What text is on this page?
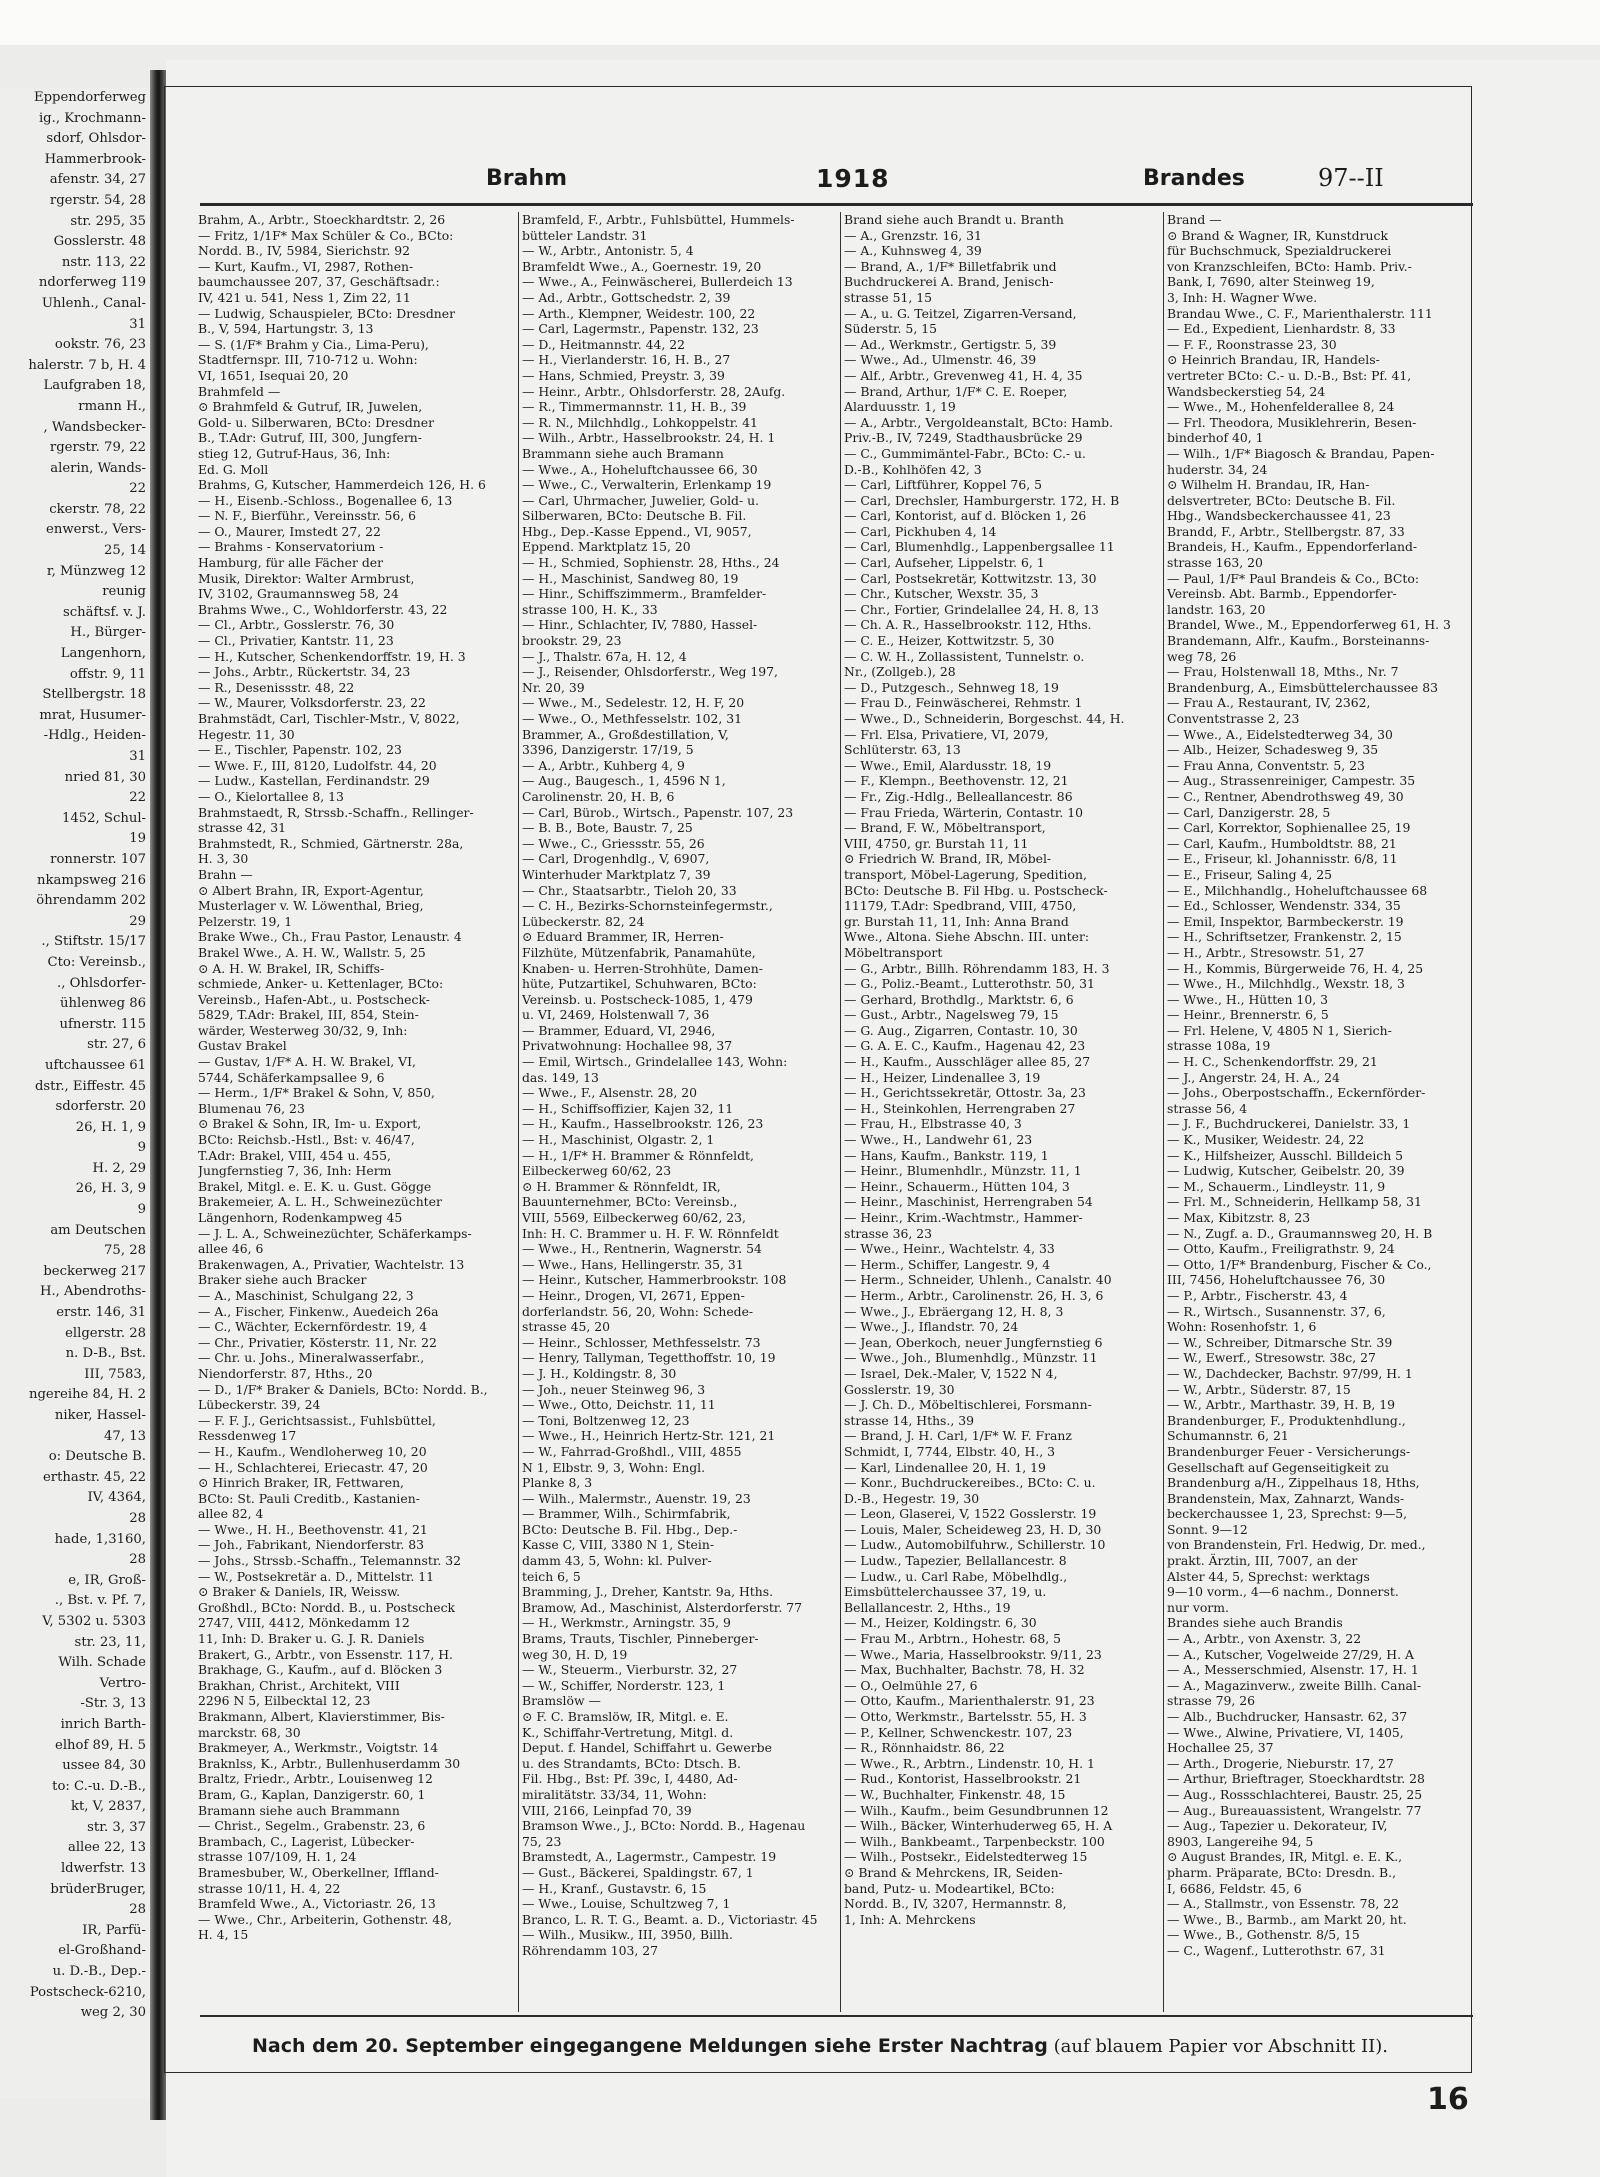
Eppendorferweg
ig., Krochmann-
sdorf, Ohlsdor-
Hammerbrook-
afenstr. 34, 27
rgerstr. 54, 28
str. 295, 35
Gosslerstr. 48
nstr. 113, 22
ndorferweg 119
Uhlenh., Canal-
31
ookstr. 76, 23
halerstr. 7 b, H. 4
Laufgraben 18,
rmann H.,
, Wandsbecker-
rgerstr. 79, 22
alerin, Wands-
22
ckerstr. 78, 22
enwerst., Vers-
25, 14
r, Münzweg 12
reunig
schäftsf. v. J.
H., Bürger-
Langenhorn,
offstr. 9, 11
Stellbergstr. 18
mrat, Husumer-
-Hdlg., Heiden-
31
nried 81, 30
22
1452, Schul-
19
ronnerstr. 107
nkampsweg 216
öhrendamm 202
29
., Stiftstr. 15/17
Cto: Vereinsb.,
., Ohlsdorfer-
ühlenweg 86
ufnerstr. 115
str. 27, 6
uftchaussee 61
dstr., Eiffestr. 45
sdorferstr. 20
26, H. 1, 9
9
H. 2, 29
26, H. 3, 9
9
am Deutschen
75, 28
beckerweg 217
H., Abendroths-
erstr. 146, 31
ellgerstr. 28
n. D-B., Bst.
III, 7583,
ngereihe 84, H. 2
niker, Hassel-
47, 13
o: Deutsche B.
erthastr. 45, 22
IV, 4364,
28
hade, 1,3160,
28
e, IR, Groß-
., Bst. v. Pf. 7,
V, 5302 u. 5303
str. 23, 11,
Wilh. Schade
Vertro-
-Str. 3, 13
inrich Barth-
elhof 89, H. 5
ussee 84, 30
to: C.-u. D.-B.,
kt, V, 2837,
str. 3, 37
allee 22, 13
ldwerfstr. 13
brüderBruger,
28
IR, Parfü-
el-Großhand-
u. D.-B., Dep.-
Postscheck-6210,
weg 2, 30
Brahm	1918	Brandes	97--II
Brahm, A., Arbtr., Stoeckhardtstr. 2, 26
— Fritz, 1/1F* Max Schüler & Co., BCto:
Nordd. B., IV, 5984, Sierichstr. 92
— Kurt, Kaufm., VI, 2987, Rothen-
baumchaussee 207, 37, Geschäftsadr.:
IV, 421 u. 541, Ness 1, Zim 22, 11
— Ludwig, Schauspieler, BCto: Dresdner
B., V, 594, Hartungstr. 3, 13
— S. (1/F* Brahm y Cia., Lima-Peru),
Stadtfernspr. III, 710-712 u. Wohn:
VI, 1651, Isequai 20, 20
Brahmfeld —
⊙ Brahmfeld & Gutruf, IR, Juwelen,
Gold- u. Silberwaren, BCto: Dresdner
B., T.Adr: Gutruf, III, 300, Jungfern-
stieg 12, Gutruf-Haus, 36, Inh:
Ed. G. Moll
Brahms, G, Kutscher, Hammerdeich 126, H. 6
— H., Eisenb.-Schloss., Bogenallee 6, 13
— N. F., Bierführ., Vereinsstr. 56, 6
— O., Maurer, Imstedt 27, 22
— Brahms - Konservatorium -
Hamburg, für alle Fächer der
Musik, Direktor: Walter Armbrust,
IV, 3102, Graumannsweg 58, 24
Brahms Wwe., C., Wohldorferstr. 43, 22
— Cl., Arbtr., Gosslerstr. 76, 30
— Cl., Privatier, Kantstr. 11, 23
— H., Kutscher, Schenkendorffstr. 19, H. 3
— Johs., Arbtr., Rückertstr. 34, 23
— R., Desenissstr. 48, 22
— W., Maurer, Volksdorferstr. 23, 22
Brahmstädt, Carl, Tischler-Mstr., V, 8022,
Hegestr. 11, 30
— E., Tischler, Papenstr. 102, 23
— Wwe. F., III, 8120, Ludolfstr. 44, 20
— Ludw., Kastellan, Ferdinandstr. 29
— O., Kielortallee 8, 13
Brahmstaedt, R, Strssb.-Schaffn., Rellinger-
strasse 42, 31
Brahmstedt, R., Schmied, Gärtnerstr. 28a,
H. 3, 30
Brahn —
⊙ Albert Brahn, IR, Export-Agentur,
Musterlager v. W. Löwenthal, Brieg,
Pelzerstr. 19, 1
Brake Wwe., Ch., Frau Pastor, Lenaustr. 4
Brakel Wwe., A. H. W., Wallstr. 5, 25
⊙ A. H. W. Brakel, IR, Schiffs-
schmiede, Anker- u. Kettenlager, BCto:
Vereinsb., Hafen-Abt., u. Postscheck-
5829, T.Adr: Brakel, III, 854, Stein-
wärder, Westerweg 30/32, 9, Inh:
Gustav Brakel
— Gustav, 1/F* A. H. W. Brakel, VI,
5744, Schäferkampsallee 9, 6
— Herm., 1/F* Brakel & Sohn, V, 850,
Blumenau 76, 23
⊙ Brakel & Sohn, IR, Im- u. Export,
BCto: Reichsb.-Hstl., Bst: v. 46/47,
T.Adr: Brakel, VIII, 454 u. 455,
Jungfernstieg 7, 36, Inh: Herm
Brakel, Mitgl. e. E. K. u. Gust. Gögge
Brakemeier, A. L. H., Schweinezüchter
Längenhorn, Rodenkampweg 45
— J. L. A., Schweinezüchter, Schäferkamps-
allee 46, 6
Brakenwagen, A., Privatier, Wachtelstr. 13
Braker siehe auch Bracker
— A., Maschinist, Schulgang 22, 3
— A., Fischer, Finkenw., Auedeich 26a
— C., Wächter, Eckernfördestr. 19, 4
— Chr., Privatier, Kösterstr. 11, Nr. 22
— Chr. u. Johs., Mineralwasserfabr.,
Niendorferstr. 87, Hths., 20
— D., 1/F* Braker & Daniels, BCto: Nordd. B.,
Lübeckerstr. 39, 24
— F. F. J., Gerichtsassist., Fuhlsbüttel,
Ressdenweg 17
— H., Kaufm., Wendloherweg 10, 20
— H., Schlachterei, Eriecastr. 47, 20
⊙ Hinrich Braker, IR, Fettwaren,
BCto: St. Pauli Creditb., Kastanien-
allee 82, 4
— Wwe., H. H., Beethovenstr. 41, 21
— Joh., Fabrikant, Niendorferstr. 83
— Johs., Strssb.-Schaffn., Telemannstr. 32
— W., Postsekretär a. D., Mittelstr. 11
⊙ Braker & Daniels, IR, Weissw.
Großhdl., BCto: Nordd. B., u. Postscheck
2747, VIII, 4412, Mönkedamm 12
11, Inh: D. Braker u. G. J. R. Daniels
Brakert, G., Arbtr., von Essenstr. 117, H.
Brakhage, G., Kaufm., auf d. Blöcken 3
Brakhan, Christ., Architekt, VIII
2296 N 5, Eilbecktal 12, 23
Brakmann, Albert, Klavierstimmer, Bis-
marckstr. 68, 30
Brakmeyer, A., Werkmstr., Voigtstr. 14
Braknlss, K., Arbtr., Bullenhuserdamm 30
Braltz, Friedr., Arbtr., Louisenweg 12
Bram, G., Kaplan, Danzigerstr. 60, 1
Bramann siehe auch Brammann
— Christ., Segelm., Grabenstr. 23, 6
Brambach, C., Lagerist, Lübecker-
strasse 107/109, H. 1, 24
Bramesbuber, W., Oberkellner, Iffland-
strasse 10/11, H. 4, 22
Bramfeld Wwe., A., Victoriastr. 26, 13
— Wwe., Chr., Arbeiterin, Gothenstr. 48,
H. 4, 15
Bramfeld, F., Arbtr., Fuhlsbüttel, Hummels-
bütteler Landstr. 31
— W., Arbtr., Antonistr. 5, 4
Bramfeldt Wwe., A., Goernestr. 19, 20
— Wwe., A., Feinwäscherei, Bullerdeich 13
— Ad., Arbtr., Gottschedstr. 2, 39
— Arth., Klempner, Weidestr. 100, 22
— Carl, Lagermstr., Papenstr. 132, 23
— D., Heitmannstr. 44, 22
— H., Vierlanderstr. 16, H. B., 27
— Hans, Schmied, Preystr. 3, 39
— Heinr., Arbtr., Ohlsdorferstr. 28, 2Aufg.
— R., Timmermannstr. 11, H. B., 39
— R. N., Milchhdlg., Lohkoppelstr. 41
— Wilh., Arbtr., Hasselbrookstr. 24, H. 1
Brammann siehe auch Bramann
— Wwe., A., Hoheluftchaussee 66, 30
— Wwe., C., Verwalterin, Erlenkamp 19
— Carl, Uhrmacher, Juwelier, Gold- u.
Silberwaren, BCto: Deutsche B. Fil.
Hbg., Dep.-Kasse Eppend., VI, 9057,
Eppend. Marktplatz 15, 20
— H., Schmied, Sophienstr. 28, Hths., 24
— H., Maschinist, Sandweg 80, 19
— Hinr., Schiffszimmerm., Bramfelder-
strasse 100, H. K., 33
— Hinr., Schlachter, IV, 7880, Hassel-
brookstr. 29, 23
— J., Thalstr. 67a, H. 12, 4
— J., Reisender, Ohlsdorferstr., Weg 197,
Nr. 20, 39
— Wwe., M., Sedelestr. 12, H. F, 20
— Wwe., O., Methfesselstr. 102, 31
Brammer, A., Großdestillation, V,
3396, Danzigerstr. 17/19, 5
— A., Arbtr., Kuhberg 4, 9
— Aug., Baugesch., 1, 4596 N 1,
Carolinenstr. 20, H. B, 6
— Carl, Bürob., Wirtsch., Papenstr. 107, 23
— B. B., Bote, Baustr. 7, 25
— Wwe., C., Griessstr. 55, 26
— Carl, Drogenhdlg., V, 6907,
Winterhuder Marktplatz 7, 39
— Chr., Staatsarbtr., Tieloh 20, 33
— C. H., Bezirks-Schornsteinfegermstr.,
Lübeckerstr. 82, 24
⊙ Eduard Brammer, IR, Herren-
Filzhüte, Mützenfabrik, Panamahüte,
Knaben- u. Herren-Strohhüte, Damen-
hüte, Putzartikel, Schuhwaren, BCto:
Vereinsb. u. Postscheck-1085, 1, 479
u. VI, 2469, Holstenwall 7, 36
— Brammer, Eduard, VI, 2946,
Privatwohnung: Hochallee 98, 37
— Emil, Wirtsch., Grindelallee 143, Wohn:
das. 149, 13
— Wwe., F., Alsenstr. 28, 20
— H., Schiffsoffizier, Kajen 32, 11
— H., Kaufm., Hasselbrookstr. 126, 23
— H., Maschinist, Olgastr. 2, 1
— H., 1/F* H. Brammer & Rönnfeldt,
Eilbeckerweg 60/62, 23
⊙ H. Brammer & Rönnfeldt, IR,
Bauunternehmer, BCto: Vereinsb.,
VIII, 5569, Eilbeckerweg 60/62, 23,
Inh: H. C. Brammer u. H. F. W. Rönnfeldt
— Wwe., H., Rentnerin, Wagnerstr. 54
— Wwe., Hans, Hellingerstr. 35, 31
— Heinr., Kutscher, Hammerbrookstr. 108
— Heinr., Drogen, VI, 2671, Eppen-
dorferlandstr. 56, 20, Wohn: Schede-
strasse 45, 20
— Heinr., Schlosser, Methfesselstr. 73
— Henry, Tallyman, Tegetthoffstr. 10, 19
— J. H., Koldingstr. 8, 30
— Joh., neuer Steinweg 96, 3
— Wwe., Otto, Deichstr. 11, 11
— Toni, Boltzenweg 12, 23
— Wwe., H., Heinrich Hertz-Str. 121, 21
— W., Fahrrad-Großhdl., VIII, 4855
N 1, Elbstr. 9, 3, Wohn: Engl.
Planke 8, 3
— Wilh., Malermstr., Auenstr. 19, 23
— Brammer, Wilh., Schirmfabrik,
BCto: Deutsche B. Fil. Hbg., Dep.-
Kasse C, VIII, 3380 N 1, Stein-
damm 43, 5, Wohn: kl. Pulver-
teich 6, 5
Bramming, J., Dreher, Kantstr. 9a, Hths.
Bramow, Ad., Maschinist, Alsterdorferstr. 77
— H., Werkmstr., Arningstr. 35, 9
Brams, Trauts, Tischler, Pinneberger-
weg 30, H. D, 19
— W., Steuerm., Vierburstr. 32, 27
— W., Schiffer, Norderstr. 123, 1
Bramslöw —
⊙ F. C. Bramslöw, IR, Mitgl. e. E.
K., Schiffahr-Vertretung, Mitgl. d.
Deput. f. Handel, Schiffahrt u. Gewerbe
u. des Strandamts, BCto: Dtsch. B.
Fil. Hbg., Bst: Pf. 39c, I, 4480, Ad-
miralitätstr. 33/34, 11, Wohn:
VIII, 2166, Leinpfad 70, 39
Bramson Wwe., J., BCto: Nordd. B., Hagenau
75, 23
Bramstedt, A., Lagermstr., Campestr. 19
— Gust., Bäckerei, Spaldingstr. 67, 1
— H., Kranf., Gustavstr. 6, 15
— Wwe., Louise, Schultzweg 7, 1
Branco, L. R. T. G., Beamt. a. D., Victoriastr. 45
— Wilh., Musikw., III, 3950, Billh.
Röhrendamm 103, 27
Brand siehe auch Brandt u. Branth
— A., Grenzstr. 16, 31
— A., Kuhnsweg 4, 39
— Brand, A., 1/F* Billetfabrik und
Buchdruckerei A. Brand, Jenisch-
strasse 51, 15
— A., u. G. Teitzel, Zigarren-Versand,
Süderstr. 5, 15
— Ad., Werkmstr., Gertigstr. 5, 39
— Wwe., Ad., Ulmenstr. 46, 39
— Alf., Arbtr., Grevenweg 41, H. 4, 35
— Brand, Arthur, 1/F* C. E. Roeper,
Alarduusstr. 1, 19
— A., Arbtr., Vergoldeanstalt, BCto: Hamb.
Priv.-B., IV, 7249, Stadthausbrücke 29
— C., Gummimäntel-Fabr., BCto: C.- u.
D.-B., Kohlhöfen 42, 3
— Carl, Liftführer, Koppel 76, 5
— Carl, Drechsler, Hamburgerstr. 172, H. B
— Carl, Kontorist, auf d. Blöcken 1, 26
— Carl, Pickhuben 4, 14
— Carl, Blumenhdlg., Lappenbergsallee 11
— Carl, Aufseher, Lippelstr. 6, 1
— Carl, Postsekretär, Kottwitzstr. 13, 30
— Chr., Kutscher, Wexstr. 35, 3
— Chr., Fortier, Grindelallee 24, H. 8, 13
— Ch. A. R., Hasselbrookstr. 112, Hths.
— C. E., Heizer, Kottwitzstr. 5, 30
— C. W. H., Zollassistent, Tunnelstr. o.
Nr., (Zollgeb.), 28
— D., Putzgesch., Sehnweg 18, 19
— Frau D., Feinwäscherei, Rehmstr. 1
— Wwe., D., Schneiderin, Borgeschst. 44, H.
— Frl. Elsa, Privatiere, VI, 2079,
Schlüterstr. 63, 13
— Wwe., Emil, Alardusstr. 18, 19
— F., Klempn., Beethovenstr. 12, 21
— Fr., Zig.-Hdlg., Belleallancestr. 86
— Frau Frieda, Wärterin, Contastr. 10
— Brand, F. W., Möbeltransport,
VIII, 4750, gr. Burstah 11, 11
⊙ Friedrich W. Brand, IR, Möbel-
transport, Möbel-Lagerung, Spedition,
BCto: Deutsche B. Fil Hbg. u. Postscheck-
11179, T.Adr: Spedbrand, VIII, 4750,
gr. Burstah 11, 11, Inh: Anna Brand
Wwe., Altona. Siehe Abschn. III. unter:
Möbeltransport
— G., Arbtr., Billh. Röhrendamm 183, H. 3
— G., Poliz.-Beamt., Lutterothstr. 50, 31
— Gerhard, Brothdlg., Marktstr. 6, 6
— Gust., Arbtr., Nagelsweg 79, 15
— G. Aug., Zigarren, Contastr. 10, 30
— G. A. E. C., Kaufm., Hagenau 42, 23
— H., Kaufm., Ausschläger allee 85, 27
— H., Heizer, Lindenallee 3, 19
— H., Gerichtssekretär, Ottostr. 3a, 23
— H., Steinkohlen, Herrengraben 27
— Frau, H., Elbstrasse 40, 3
— Wwe., H., Landwehr 61, 23
— Hans, Kaufm., Bankstr. 119, 1
— Heinr., Blumenhdlr., Münzstr. 11, 1
— Heinr., Schauerm., Hütten 104, 3
— Heinr., Maschinist, Herrengraben 54
— Heinr., Krim.-Wachtmstr., Hammer-
strasse 36, 23
— Wwe., Heinr., Wachtelstr. 4, 33
— Herm., Schiffer, Langestr. 9, 4
— Herm., Schneider, Uhlenh., Canalstr. 40
— Herm., Arbtr., Carolinenstr. 26, H. 3, 6
— Wwe., J., Ebräergang 12, H. 8, 3
— Wwe., J., Iflandstr. 70, 24
— Jean, Oberkoch, neuer Jungfernstieg 6
— Wwe., Joh., Blumenhdlg., Münzstr. 11
— Israel, Dek.-Maler, V, 1522 N 4,
Gosslerstr. 19, 30
— J. Ch. D., Möbeltischlerei, Forsmann-
strasse 14, Hths., 39
— Brand, J. H. Carl, 1/F* W. F. Franz
Schmidt, I, 7744, Elbstr. 40, H., 3
— Karl, Lindenallee 20, H. 1, 19
— Konr., Buchdruckereibes., BCto: C. u.
D.-B., Hegestr. 19, 30
— Leon, Glaserei, V, 1522 Gosslerstr. 19
— Louis, Maler, Scheideweg 23, H. D, 30
— Ludw., Automobilfuhrw., Schillerstr. 10
— Ludw., Tapezier, Bellallancestr. 8
— Ludw., u. Carl Rabe, Möbelhdlg.,
Eimsbüttelerchaussee 37, 19, u.
Bellallancestr. 2, Hths., 19
— M., Heizer, Koldingstr. 6, 30
— Frau M., Arbtrn., Hohestr. 68, 5
— Wwe., Maria, Hasselbrookstr. 9/11, 23
— Max, Buchhalter, Bachstr. 78, H. 32
— O., Oelmühle 27, 6
— Otto, Kaufm., Marienthalerstr. 91, 23
— Otto, Werkmstr., Bartelsstr. 55, H. 3
— P., Kellner, Schwenckestr. 107, 23
— R., Rönnhaidstr. 86, 22
— Wwe., R., Arbtrn., Lindenstr. 10, H. 1
— Rud., Kontorist, Hasselbrookstr. 21
— W., Buchhalter, Finkenstr. 48, 15
— Wilh., Kaufm., beim Gesundbrunnen 12
— Wilh., Bäcker, Winterhuderweg 65, H. A
— Wilh., Bankbeamt., Tarpenbeckstr. 100
— Wilh., Postsekr., Eidelstedterweg 15
⊙ Brand & Mehrckens, IR, Seiden-
band, Putz- u. Modeartikel, BCto:
Nordd. B., IV, 3207, Hermannstr. 8,
1, Inh: A. Mehrckens
Brand —
⊙ Brand & Wagner, IR, Kunstdruck
für Buchschmuck, Spezialdruckerei
von Kranzschleifen, BCto: Hamb. Priv.-
Bank, I, 7690, alter Steinweg 19,
3, Inh: H. Wagner Wwe.
Brandau Wwe., C. F., Marienthalerstr. 111
— Ed., Expedient, Lienhardstr. 8, 33
— F. F., Roonstrasse 23, 30
⊙ Heinrich Brandau, IR, Handels-
vertreter BCto: C.- u. D.-B., Bst: Pf. 41,
Wandsbeckerstieg 54, 24
— Wwe., M., Hohenfelderallee 8, 24
— Frl. Theodora, Musiklehrerin, Besen-
binderhof 40, 1
— Wilh., 1/F* Biagosch & Brandau, Papen-
huderstr. 34, 24
⊙ Wilhelm H. Brandau, IR, Han-
delsvertreter, BCto: Deutsche B. Fil.
Hbg., Wandsbeckerchaussee 41, 23
Brandd, F., Arbtr., Stellbergstr. 87, 33
Brandeis, H., Kaufm., Eppendorferland-
strasse 163, 20
— Paul, 1/F* Paul Brandeis & Co., BCto:
Vereinsb. Abt. Barmb., Eppendorfer-
landstr. 163, 20
Brandel, Wwe., M., Eppendorferweg 61, H. 3
Brandemann, Alfr., Kaufm., Borsteinanns-
weg 78, 26
— Frau, Holstenwall 18, Mths., Nr. 7
Brandenburg, A., Eimsbüttelerchaussee 83
— Frau A., Restaurant, IV, 2362,
Conventstrasse 2, 23
— Wwe., A., Eidelstedterweg 34, 30
— Alb., Heizer, Schadesweg 9, 35
— Frau Anna, Conventstr. 5, 23
— Aug., Strassenreiniger, Campestr. 35
— C., Rentner, Abendrothsweg 49, 30
— Carl, Danzigerstr. 28, 5
— Carl, Korrektor, Sophienallee 25, 19
— Carl, Kaufm., Humboldtstr. 88, 21
— E., Friseur, kl. Johannisstr. 6/8, 11
— E., Friseur, Saling 4, 25
— E., Milchhandlg., Hoheluftchaussee 68
— Ed., Schlosser, Wendenstr. 334, 35
— Emil, Inspektor, Barmbeckerstr. 19
— H., Schriftsetzer, Frankenstr. 2, 15
— H., Arbtr., Stresowstr. 51, 27
— H., Kommis, Bürgerweide 76, H. 4, 25
— Wwe., H., Milchhdlg., Wexstr. 18, 3
— Wwe., H., Hütten 10, 3
— Heinr., Brennerstr. 6, 5
— Frl. Helene, V, 4805 N 1, Sierich-
strasse 108a, 19
— H. C., Schenkendorffstr. 29, 21
— J., Angerstr. 24, H. A., 24
— Johs., Oberpostschaffn., Eckernförder-
strasse 56, 4
— J. F., Buchdruckerei, Danielstr. 33, 1
— K., Musiker, Weidestr. 24, 22
— K., Hilfsheizer, Ausschl. Billdeich 5
— Ludwig, Kutscher, Geibelstr. 20, 39
— M., Schauerm., Lindleystr. 11, 9
— Frl. M., Schneiderin, Hellkamp 58, 31
— Max, Kibitzstr. 8, 23
— N., Zugf. a. D., Graumannsweg 20, H. B
— Otto, Kaufm., Freiligrathstr. 9, 24
— Otto, 1/F* Brandenburg, Fischer & Co.,
III, 7456, Hoheluftchaussee 76, 30
— P., Arbtr., Fischerstr. 43, 4
— R., Wirtsch., Susannenstr. 37, 6,
Wohn: Rosenhofstr. 1, 6
— W., Schreiber, Ditmarsche Str. 39
— W., Ewerf., Stresowstr. 38c, 27
— W., Dachdecker, Bachstr. 97/99, H. 1
— W., Arbtr., Süderstr. 87, 15
— W., Arbtr., Marthastr. 39, H. B, 19
Brandenburger, F., Produktenhdlung.,
Schumannstr. 6, 21
Brandenburger Feuer - Versicherungs-
Gesellschaft auf Gegenseitigkeit zu
Brandenburg a/H., Zippelhaus 18, Hths,
Brandenstein, Max, Zahnarzt, Wands-
beckerchaussee 1, 23, Sprechst: 9—5,
Sonnt. 9—12
von Brandenstein, Frl. Hedwig, Dr. med.,
prakt. Ärztin, III, 7007, an der
Alster 44, 5, Sprechst: werktags
9—10 vorm., 4—6 nachm., Donnerst.
nur vorm.
Brandes siehe auch Brandis
— A., Arbtr., von Axenstr. 3, 22
— A., Kutscher, Vogelweide 27/29, H. A
— A., Messerschmied, Alsenstr. 17, H. 1
— A., Magazinverw., zweite Billh. Canal-
strasse 79, 26
— Alb., Buchdrucker, Hansastr. 62, 37
— Wwe., Alwine, Privatiere, VI, 1405,
Hochallee 25, 37
— Arth., Drogerie, Nieburstr. 17, 27
— Arthur, Brieftrager, Stoeckhardtstr. 28
— Aug., Rossschlachterei, Baustr. 25, 25
— Aug., Bureauassistent, Wrangelstr. 77
— Aug., Tapezier u. Dekorateur, IV,
8903, Langereihe 94, 5
⊙ August Brandes, IR, Mitgl. e. E. K.,
pharm. Präparate, BCto: Dresdn. B.,
I, 6686, Feldstr. 45, 6
— A., Stallmstr., von Essenstr. 78, 22
— Wwe., B., Barmb., am Markt 20, ht.
— Wwe., B., Gothenstr. 8/5, 15
— C., Wagenf., Lutterothstr. 67, 31
Nach dem 20. September eingegangene Meldungen siehe Erster Nachtrag (auf blauem Papier vor Abschnitt II).
16
